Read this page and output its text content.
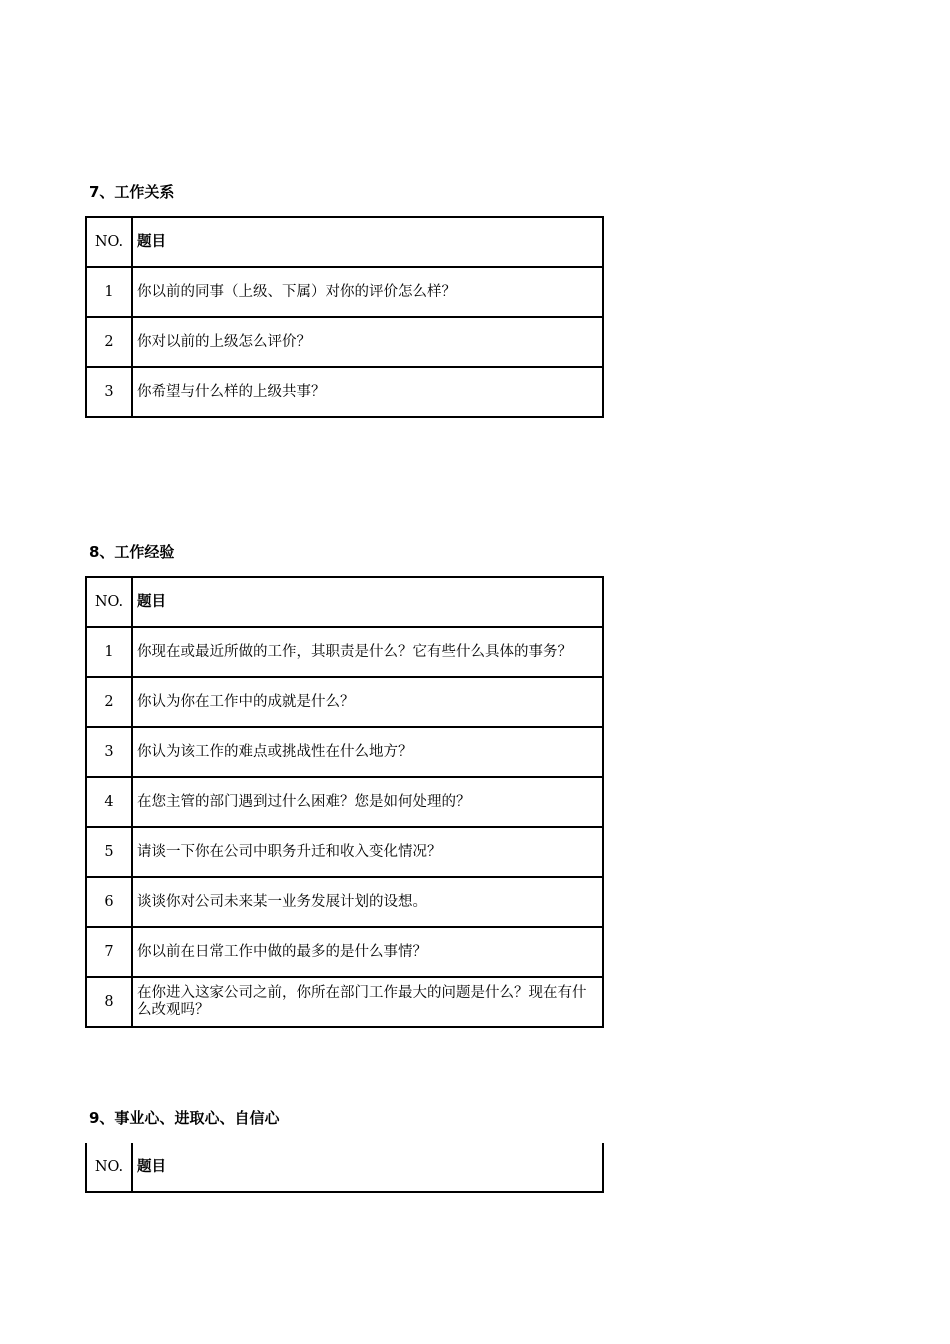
7、工作关系
NO.	题目
1	你以前的同事（上级、下属）对你的评价怎么样？
2	你对以前的上级怎么评价？
3	你希望与什么样的上级共事？
8、工作经验
NO.	题目
1	你现在或最近所做的工作，其职责是什么？它有些什么具体的事务？
2	你认为你在工作中的成就是什么？
3	你认为该工作的难点或挑战性在什么地方？
4	在您主管的部门遇到过什么困难？您是如何处理的？
5	请谈一下你在公司中职务升迁和收入变化情况？
6	谈谈你对公司未来某一业务发展计划的设想。
7	你以前在日常工作中做的最多的是什么事情？
8	在你进入这家公司之前，你所在部门工作最大的问题是什么？现在有什么改观吗？
9、事业心、进取心、自信心
NO.	题目
